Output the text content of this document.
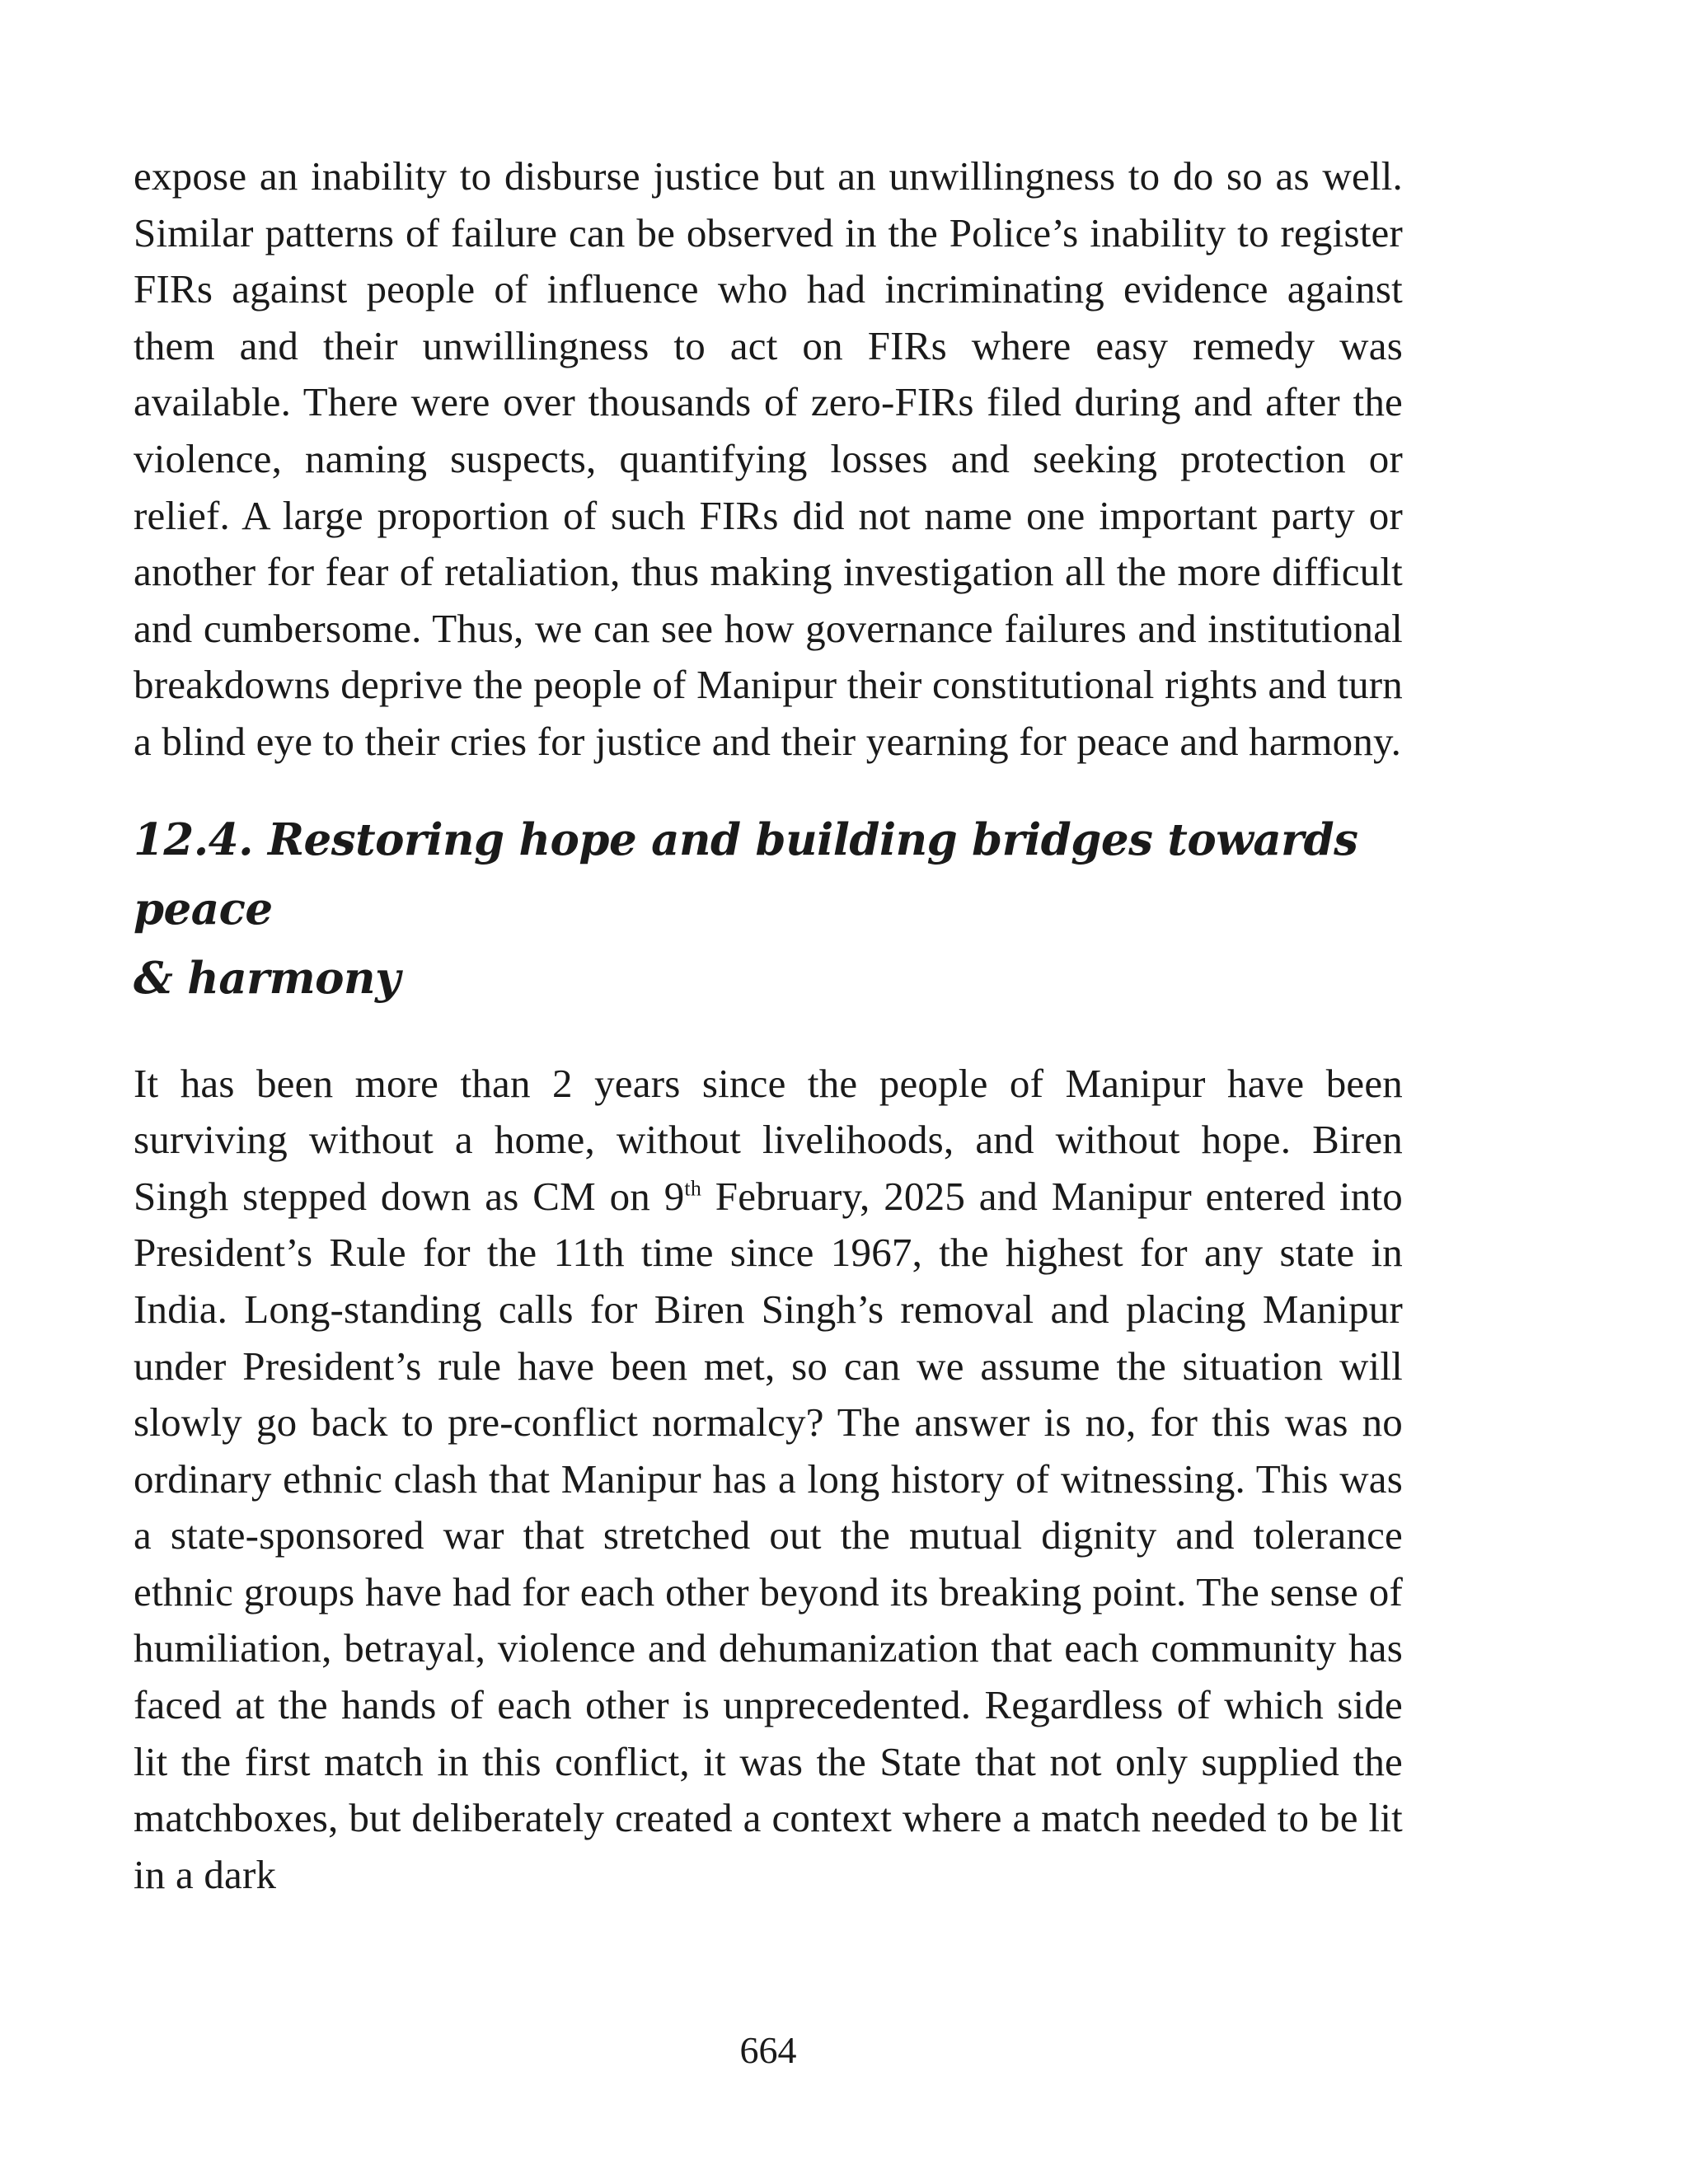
expose an inability to disburse justice but an unwillingness to do so as well. Similar patterns of failure can be observed in the Police’s inability to register FIRs against people of influence who had incriminating evidence against them and their unwillingness to act on FIRs where easy remedy was available. There were over thousands of zero-FIRs filed during and after the violence, naming suspects, quantifying losses and seeking protection or relief. A large proportion of such FIRs did not name one important party or another for fear of retaliation, thus making investigation all the more difficult and cumbersome. Thus, we can see how governance failures and institutional breakdowns deprive the people of Manipur their constitutional rights and turn a blind eye to their cries for justice and their yearning for peace and harmony.

12.4. Restoring hope and building bridges towards peace
& harmony

It has been more than 2 years since the people of Manipur have been surviving without a home, without livelihoods, and without hope. Biren Singh stepped down as CM on 9th February, 2025 and Manipur entered into President’s Rule for the 11th time since 1967, the highest for any state in India. Long-standing calls for Biren Singh’s removal and placing Manipur under President’s rule have been met, so can we assume the situation will slowly go back to pre-conflict normalcy? The answer is no, for this was no ordinary ethnic clash that Manipur has a long history of witnessing. This was a state-sponsored war that stretched out the mutual dignity and tolerance ethnic groups have had for each other beyond its breaking point. The sense of humiliation, betrayal, violence and dehumanization that each community has faced at the hands of each other is unprecedented. Regardless of which side lit the first match in this conflict, it was the State that not only supplied the matchboxes, but deliberately created a context where a match needed to be lit in a dark

664
